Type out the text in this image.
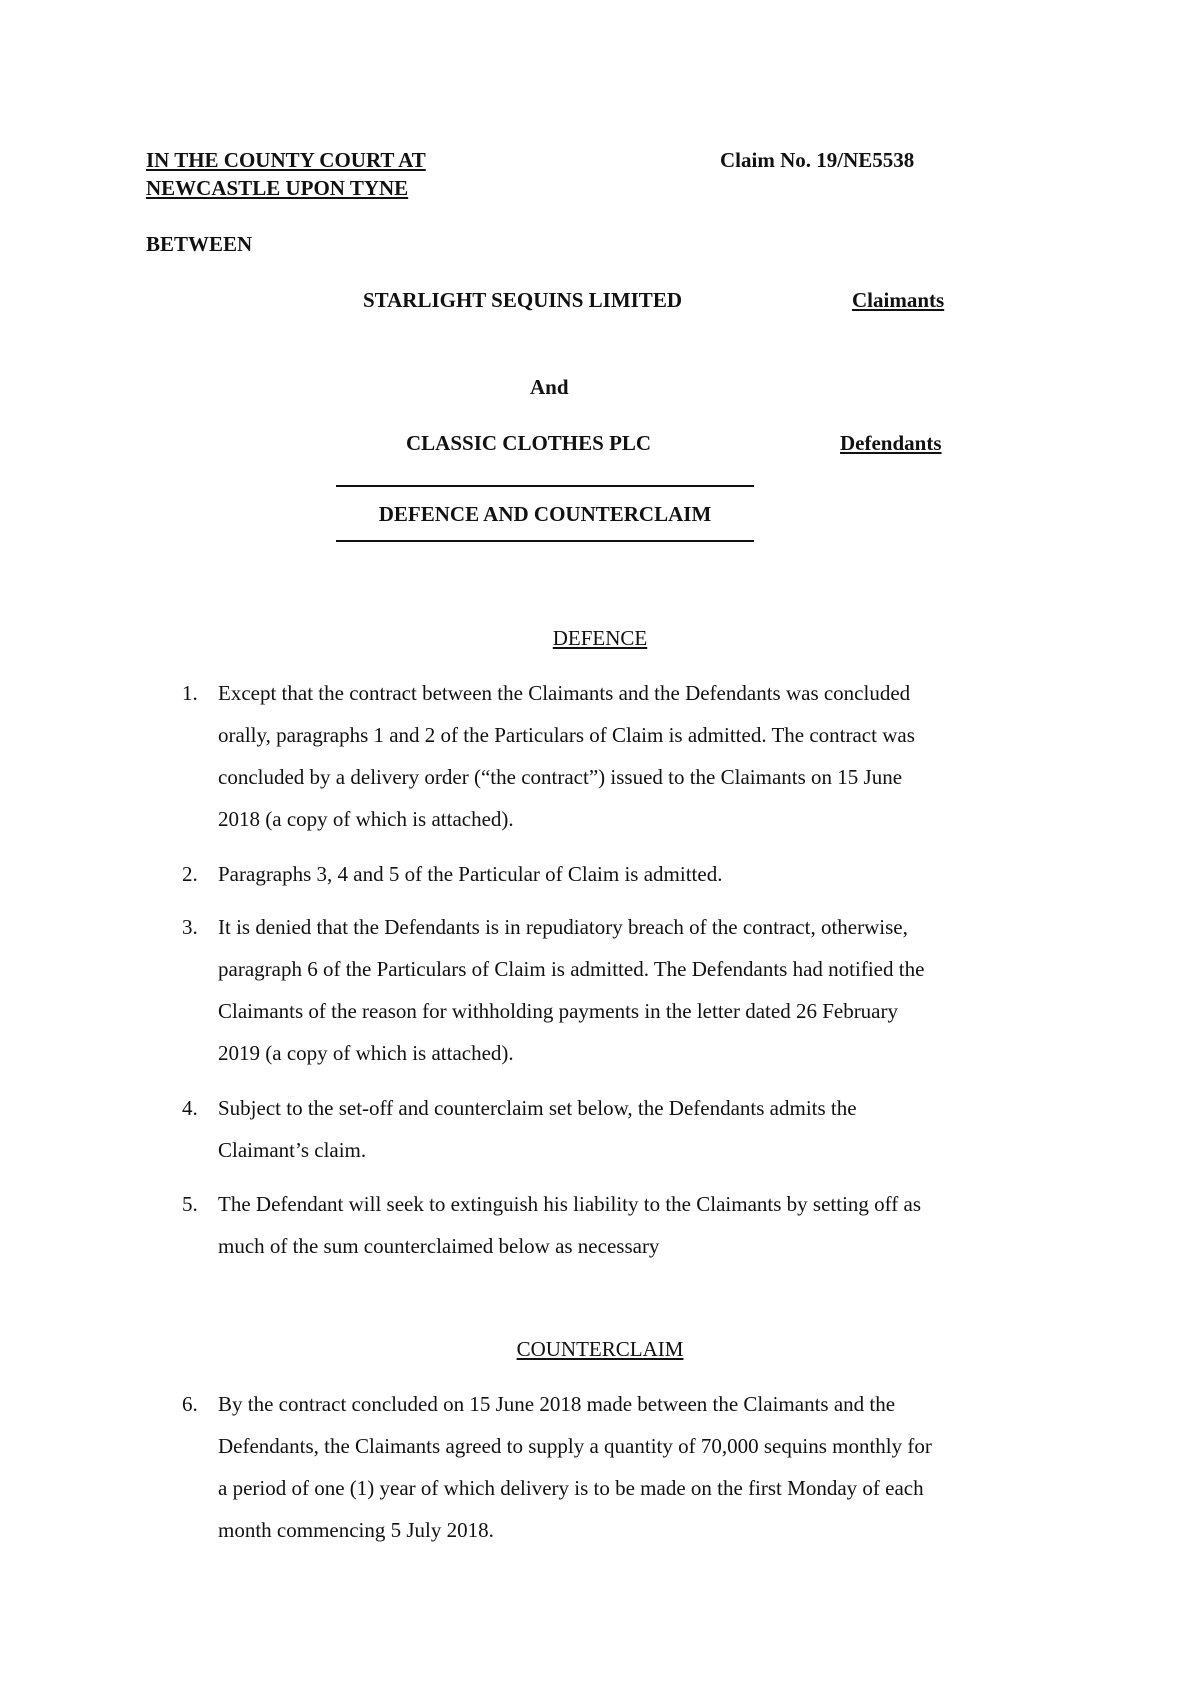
IN THE COUNTY COURT AT
NEWCASTLE UPON TYNE
Claim No. 19/NE5538
BETWEEN
STARLIGHT SEQUINS LIMITED	Claimants
And
CLASSIC CLOTHES PLC	Defendants
DEFENCE AND COUNTERCLAIM
DEFENCE
1. Except that the contract between the Claimants and the Defendants was concluded
orally, paragraphs 1 and 2 of the Particulars of Claim is admitted. The contract was
concluded by a delivery order (“the contract”) issued to the Claimants on 15 June
2018 (a copy of which is attached).
2. Paragraphs 3, 4 and 5 of the Particular of Claim is admitted.
3. It is denied that the Defendants is in repudiatory breach of the contract, otherwise,
paragraph 6 of the Particulars of Claim is admitted. The Defendants had notified the
Claimants of the reason for withholding payments in the letter dated 26 February
2019 (a copy of which is attached).
4. Subject to the set-off and counterclaim set below, the Defendants admits the
Claimant’s claim.
5. The Defendant will seek to extinguish his liability to the Claimants by setting off as
much of the sum counterclaimed below as necessary
COUNTERCLAIM
6. By the contract concluded on 15 June 2018 made between the Claimants and the
Defendants, the Claimants agreed to supply a quantity of 70,000 sequins monthly for
a period of one (1) year of which delivery is to be made on the first Monday of each
month commencing 5 July 2018.
